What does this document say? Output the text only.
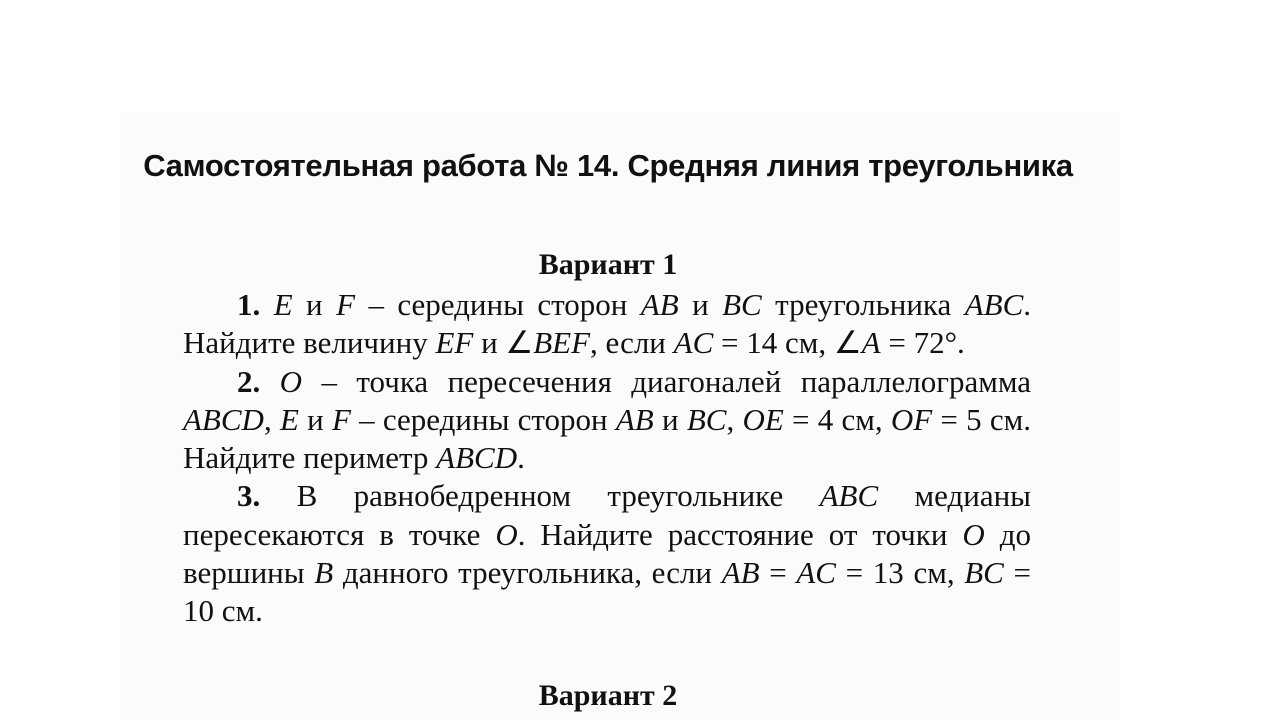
Самостоятельная работа № 14. Средняя линия треугольника
Вариант 1

1. E и F – середины сторон AB и BC треугольника ABC. Найдите величину EF и ∠BEF, если AC = 14 см, ∠A = 72°.

2. O – точка пересечения диагоналей параллелограмма ABCD, E и F – середины сторон AB и BC, OE = 4 см, OF = 5 см. Найдите периметр ABCD.

3. В равнобедренном треугольнике ABC медианы пересекаются в точке O. Найдите расстояние от точки O до вершины B данного треугольника, если AB = AC = 13 см, BC = 10 см.

Вариант 2
